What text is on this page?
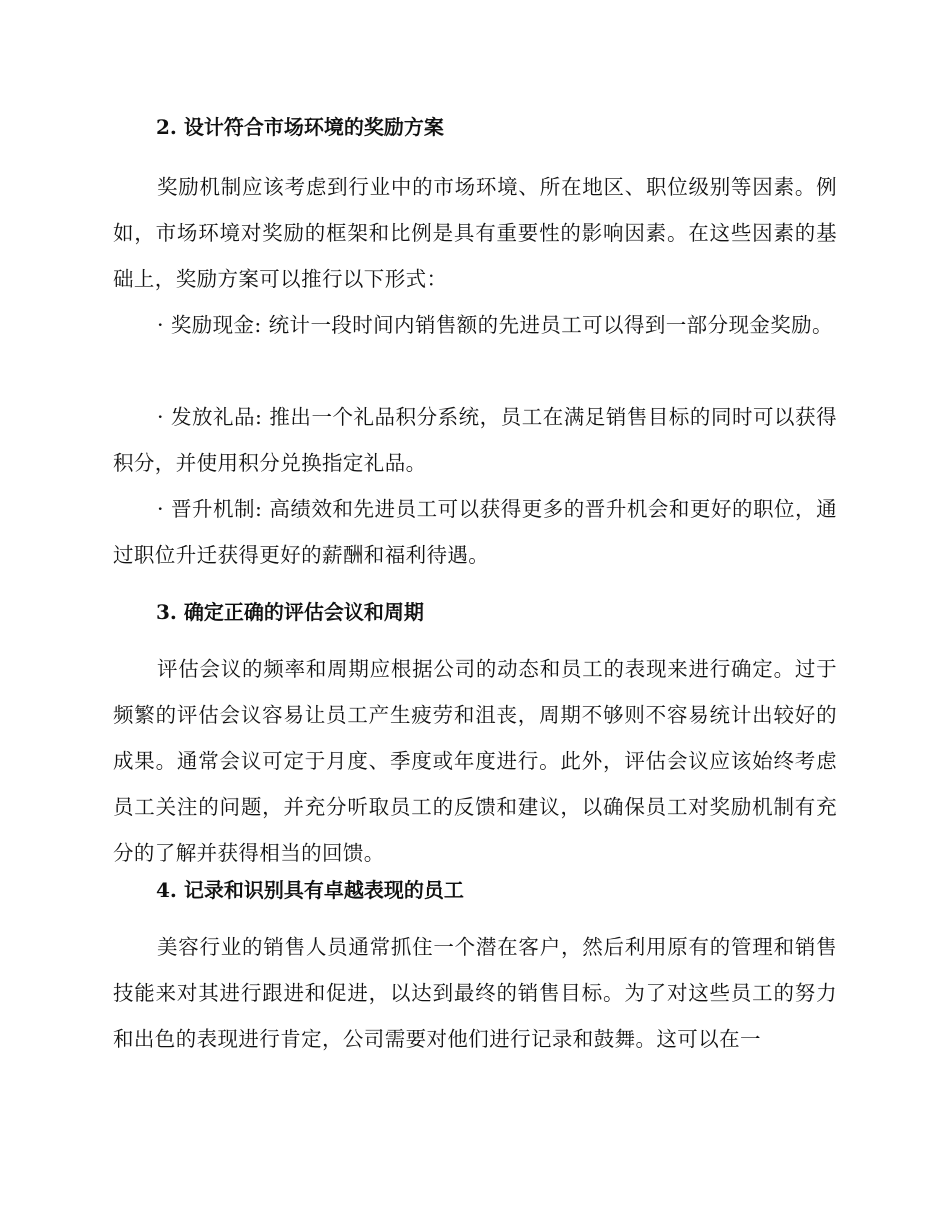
2. 设计符合市场环境的奖励方案

奖励机制应该考虑到行业中的市场环境、所在地区、职位级别等因素。例如，市场环境对奖励的框架和比例是具有重要性的影响因素。在这些因素的基础上，奖励方案可以推行以下形式：

· 奖励现金: 统计一段时间内销售额的先进员工可以得到一部分现金奖励。

· 发放礼品: 推出一个礼品积分系统，员工在满足销售目标的同时可以获得积分，并使用积分兑换指定礼品。

· 晋升机制: 高绩效和先进员工可以获得更多的晋升机会和更好的职位，通过职位升迁获得更好的薪酬和福利待遇。

3. 确定正确的评估会议和周期

评估会议的频率和周期应根据公司的动态和员工的表现来进行确定。过于频繁的评估会议容易让员工产生疲劳和沮丧，周期不够则不容易统计出较好的成果。通常会议可定于月度、季度或年度进行。此外，评估会议应该始终考虑员工关注的问题，并充分听取员工的反馈和建议，以确保员工对奖励机制有充分的了解并获得相当的回馈。

4. 记录和识别具有卓越表现的员工

美容行业的销售人员通常抓住一个潜在客户，然后利用原有的管理和销售技能来对其进行跟进和促进，以达到最终的销售目标。为了对这些员工的努力和出色的表现进行肯定，公司需要对他们进行记录和鼓舞。这可以在一
